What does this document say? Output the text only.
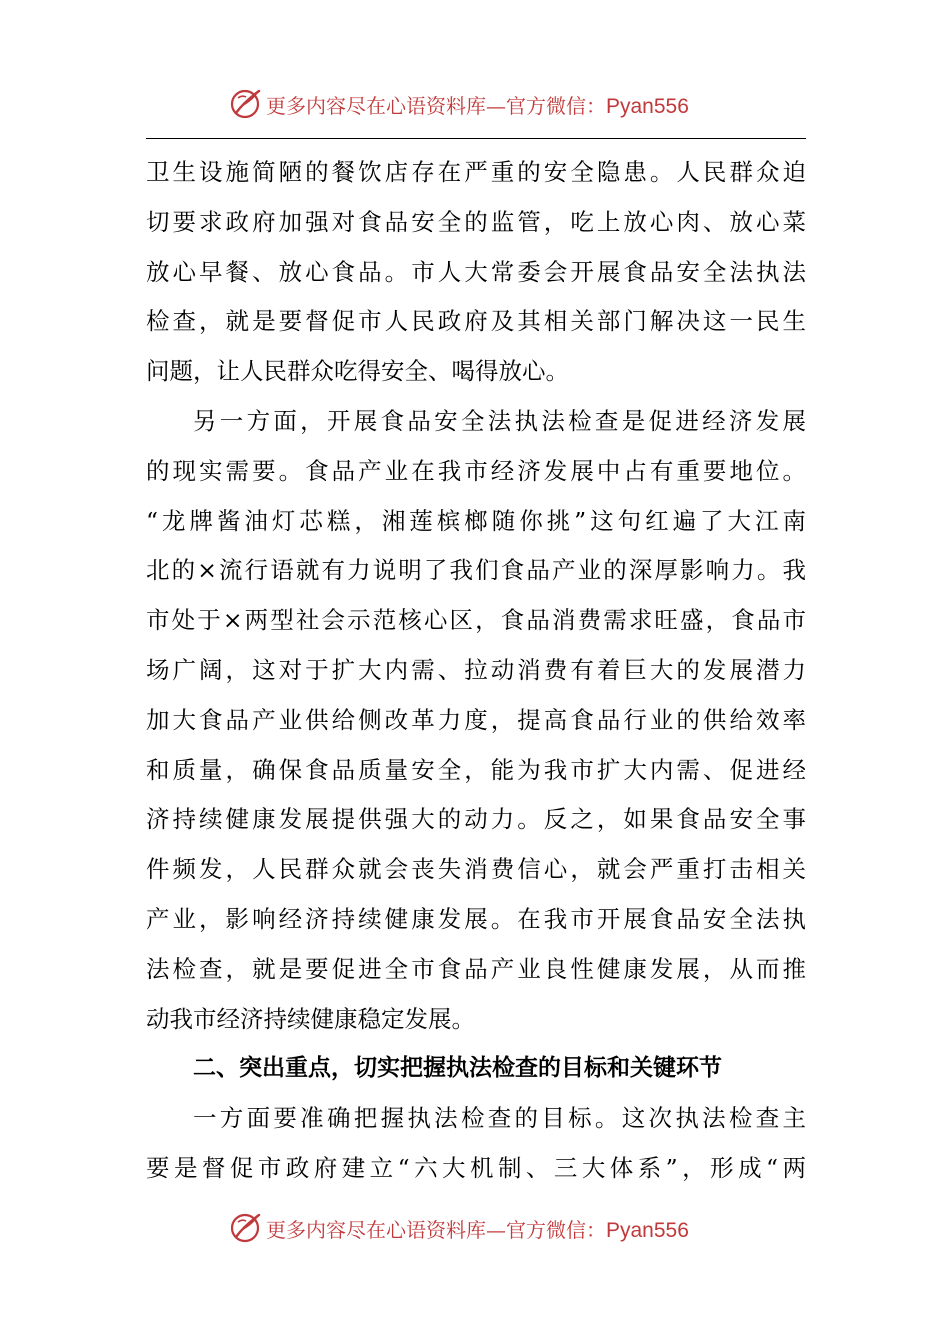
更多内容尽在心语资料库—官方微信：Pyan556
卫生设施简陋的餐饮店存在严重的安全隐患。人民群众迫
切要求政府加强对食品安全的监管，吃上放心肉、放心菜
放心早餐、放心食品。市人大常委会开展食品安全法执法
检查，就是要督促市人民政府及其相关部门解决这一民生
问题，让人民群众吃得安全、喝得放心。
另一方面，开展食品安全法执法检查是促进经济发展
的现实需要。食品产业在我市经济发展中占有重要地位。
“龙牌酱油灯芯糕，湘莲槟榔随你挑”这句红遍了大江南
北的×流行语就有力说明了我们食品产业的深厚影响力。我
市处于×两型社会示范核心区，食品消费需求旺盛，食品市
场广阔，这对于扩大内需、拉动消费有着巨大的发展潜力
加大食品产业供给侧改革力度，提高食品行业的供给效率
和质量，确保食品质量安全，能为我市扩大内需、促进经
济持续健康发展提供强大的动力。反之，如果食品安全事
件频发，人民群众就会丧失消费信心，就会严重打击相关
产业，影响经济持续健康发展。在我市开展食品安全法执
法检查，就是要促进全市食品产业良性健康发展，从而推
动我市经济持续健康稳定发展。
二、突出重点，切实把握执法检查的目标和关键环节
一方面要准确把握执法检查的目标。这次执法检查主
要是督促市政府建立“六大机制、三大体系”，形成“两
更多内容尽在心语资料库—官方微信：Pyan556
